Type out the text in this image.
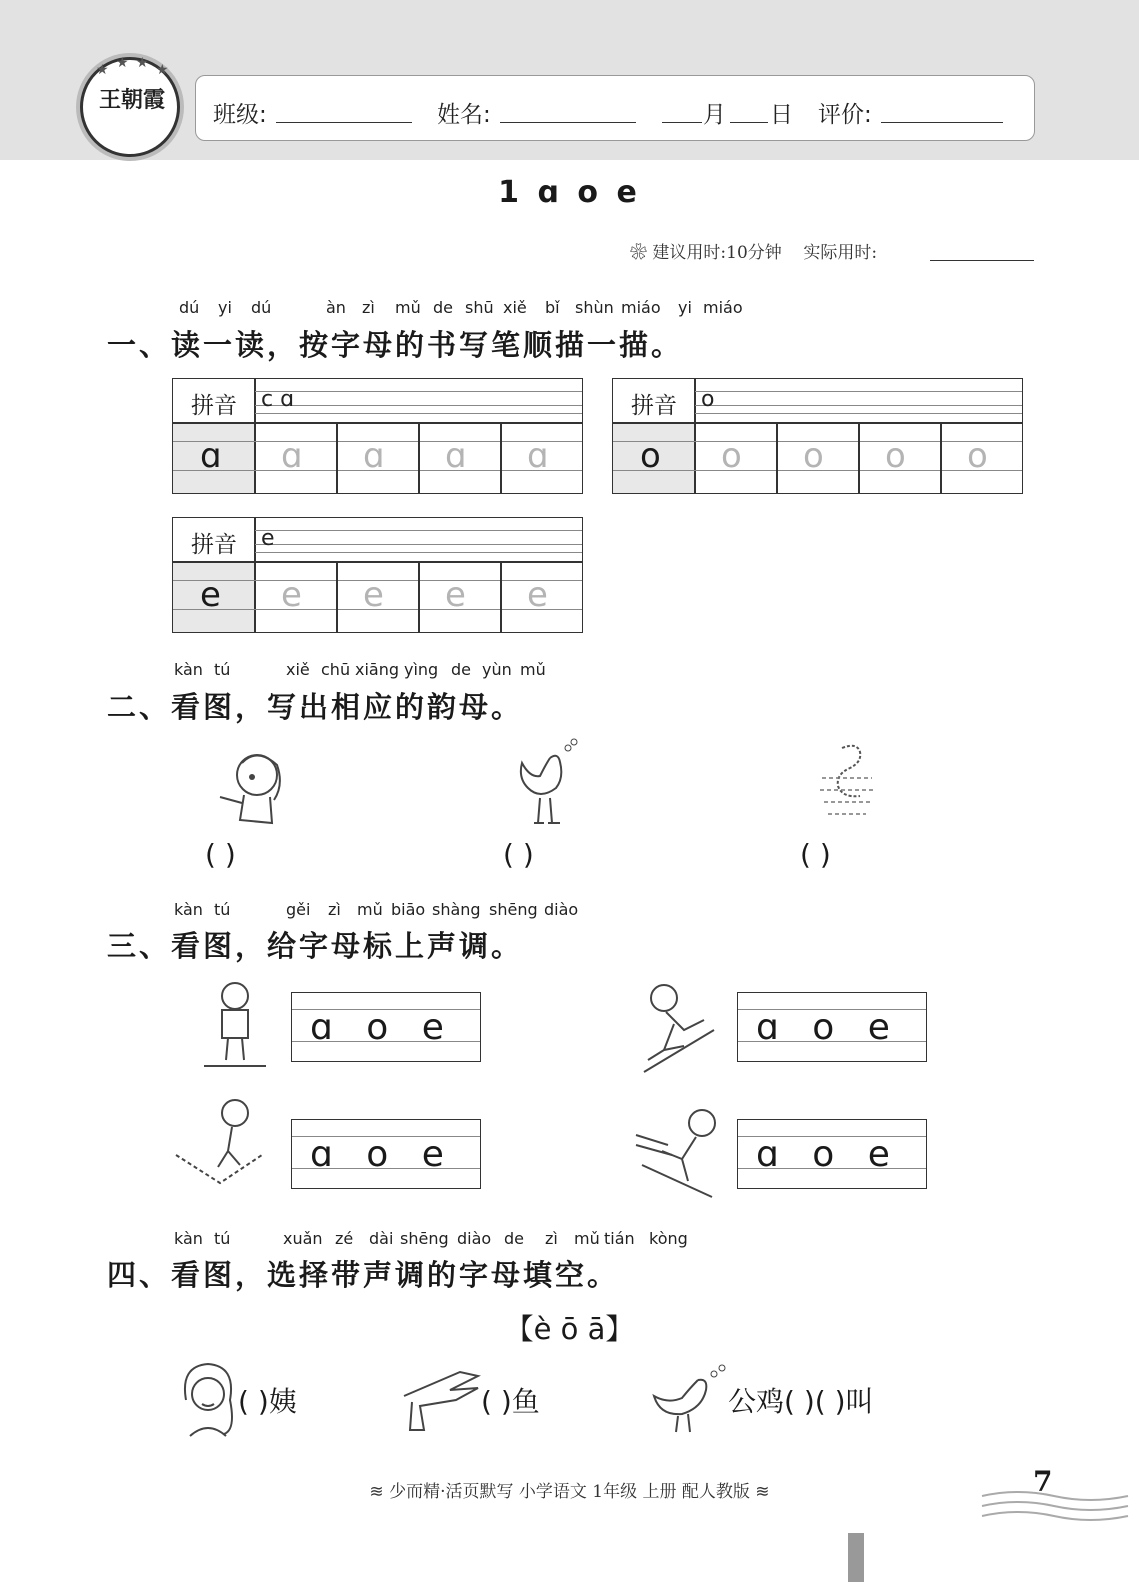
王朝霞
★ ★ ★ ★
班级:	姓名:	月 日 评价:
1 ɑ o e
❀ 建议用时:10分钟 实际用时:
dú yi dú	àn zì mǔ de shū xiě bǐ shùn miáo yi miáo
一、读一读，按字母的书写笔顺描一描。
拼音	c ɑ
ɑ ɑ ɑ ɑ ɑ
拼音	o
o o o o o
拼音	e
e e e e e
kàn tú	xiě chū xiāng yìng de yùn mǔ
二、看图，写出相应的韵母。
( )	( )	( )
kàn tú	gěi zì mǔ biāo shàng shēng diào
三、看图，给字母标上声调。
ɑ o e	ɑ o e
ɑ o e	ɑ o e
kàn tú	xuǎn zé dài shēng diào de zì mǔ tián kòng
四、看图，选择带声调的字母填空。
【è ō ā】
( )姨	( )鱼	公鸡( )( )叫
≋ 少而精·活页默写 小学语文 1年级 上册 配人教版 ≋	7
